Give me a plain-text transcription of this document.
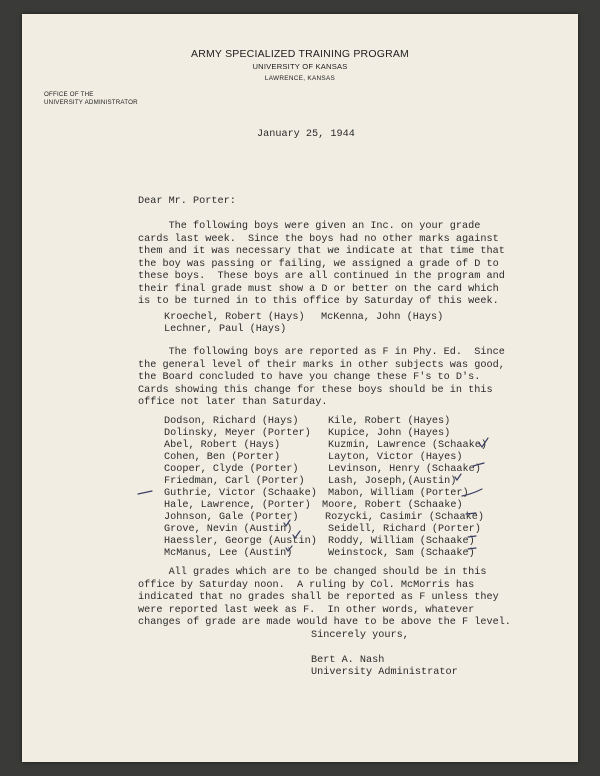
ARMY SPECIALIZED TRAINING PROGRAM
UNIVERSITY OF KANSAS
LAWRENCE, KANSAS
OFFICE OF THE
UNIVERSITY ADMINISTRATOR
January 25, 1944
Dear Mr. Porter:
The following boys were given an Inc. on your grade
cards last week.  Since the boys had no other marks against
them and it was necessary that we indicate at that time that
the boy was passing or failing, we assigned a grade of D to
these boys.  These boys are all continued in the program and
their final grade must show a D or better on the card which
is to be turned in to this office by Saturday of this week.
Kroechel, Robert (Hays) McKenna, John (Hays)
Lechner, Paul (Hays)
The following boys are reported as F in Phy. Ed.  Since
the general level of their marks in other subjects was good,
the Board concluded to have you change these F's to D's.
Cards showing this change for these boys should be in this
office not later than Saturday.
Dodson, Richard (Hays)
Dolinsky, Meyer (Porter)
Abel, Robert (Hays)
Cohen, Ben (Porter)
Cooper, Clyde (Porter)
Friedman, Carl (Porter)
Guthrie, Victor (Schaake)
Hale, Lawrence, (Porter)
Johnson, Gale (Porter)
Grove, Nevin (Austin)
Haessler, George (Austin)
McManus, Lee (Austin)
Kile, Robert (Hayes)
Kupice, John (Hayes)
Kuzmin, Lawrence (Schaake)
Layton, Victor (Hayes)
Levinson, Henry (Schaake)
Lash, Joseph,(Austin)
Mabon, William (Porter)
Moore, Robert (Schaake)
Rozycki, Casimir (Schaake)
Seidell, Richard (Porter)
Roddy, William (Schaake)
Weinstock, Sam (Schaake)
All grades which are to be changed should be in this
office by Saturday noon.  A ruling by Col. McMorris has
indicated that no grades shall be reported as F unless they
were reported last week as F.  In other words, whatever
changes of grade are made would have to be above the F level.
Sincerely yours,
Bert A. Nash
University Administrator
